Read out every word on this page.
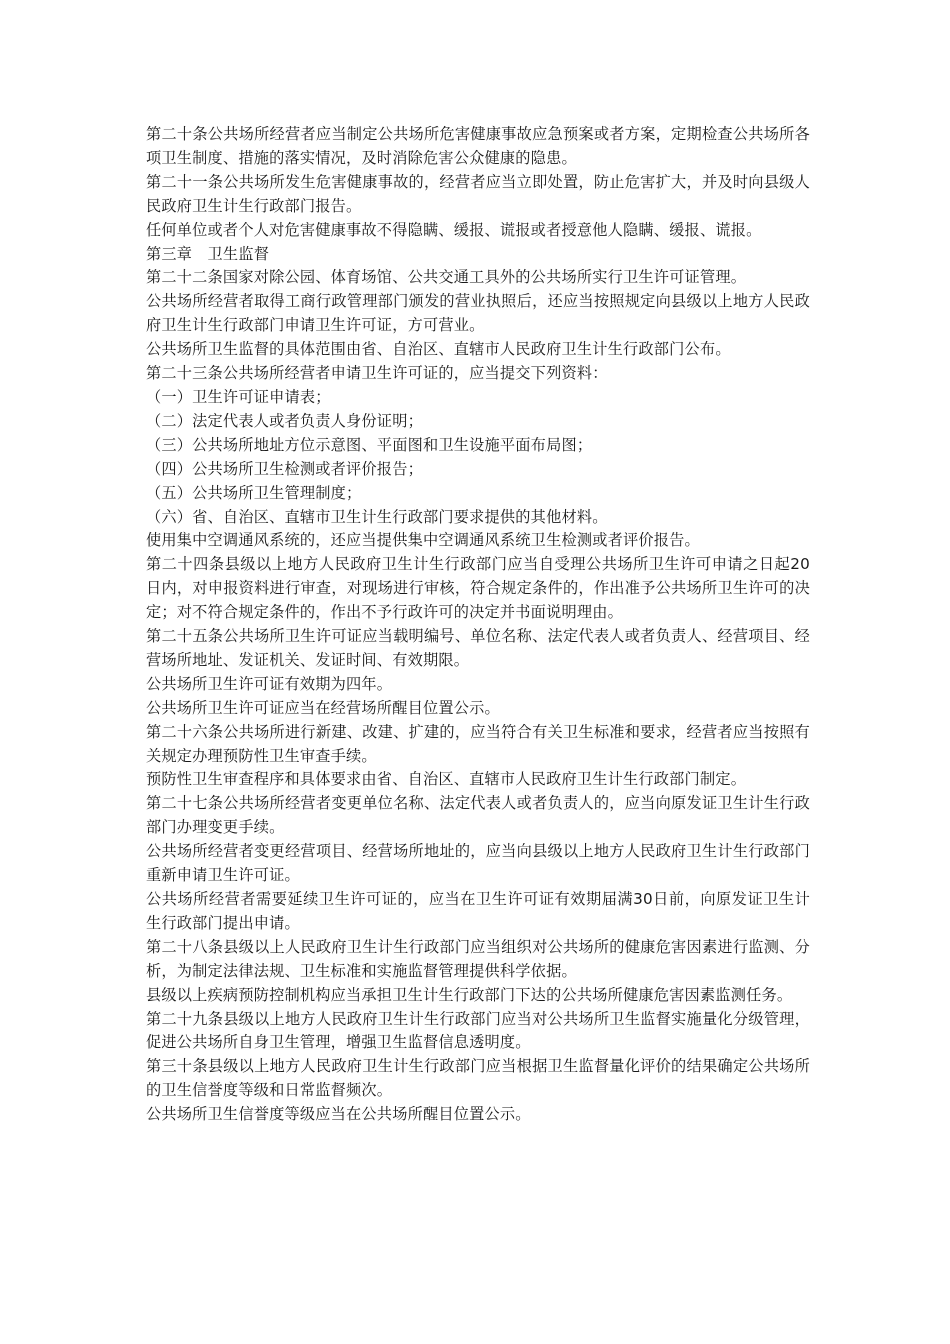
第二十条公共场所经营者应当制定公共场所危害健康事故应急预案或者方案，定期检查公共场所各项卫生制度、措施的落实情况，及时消除危害公众健康的隐患。

第二十一条公共场所发生危害健康事故的，经营者应当立即处置，防止危害扩大，并及时向县级人民政府卫生计生行政部门报告。

任何单位或者个人对危害健康事故不得隐瞒、缓报、谎报或者授意他人隐瞒、缓报、谎报。

第三章　卫生监督

第二十二条国家对除公园、体育场馆、公共交通工具外的公共场所实行卫生许可证管理。

公共场所经营者取得工商行政管理部门颁发的营业执照后，还应当按照规定向县级以上地方人民政府卫生计生行政部门申请卫生许可证，方可营业。

公共场所卫生监督的具体范围由省、自治区、直辖市人民政府卫生计生行政部门公布。

第二十三条公共场所经营者申请卫生许可证的，应当提交下列资料：

（一）卫生许可证申请表；

（二）法定代表人或者负责人身份证明；

（三）公共场所地址方位示意图、平面图和卫生设施平面布局图；

（四）公共场所卫生检测或者评价报告；

（五）公共场所卫生管理制度；

（六）省、自治区、直辖市卫生计生行政部门要求提供的其他材料。

使用集中空调通风系统的，还应当提供集中空调通风系统卫生检测或者评价报告。

第二十四条县级以上地方人民政府卫生计生行政部门应当自受理公共场所卫生许可申请之日起20日内，对申报资料进行审查，对现场进行审核，符合规定条件的，作出准予公共场所卫生许可的决定；对不符合规定条件的，作出不予行政许可的决定并书面说明理由。

第二十五条公共场所卫生许可证应当载明编号、单位名称、法定代表人或者负责人、经营项目、经营场所地址、发证机关、发证时间、有效期限。

公共场所卫生许可证有效期为四年。

公共场所卫生许可证应当在经营场所醒目位置公示。

第二十六条公共场所进行新建、改建、扩建的，应当符合有关卫生标准和要求，经营者应当按照有关规定办理预防性卫生审查手续。

预防性卫生审查程序和具体要求由省、自治区、直辖市人民政府卫生计生行政部门制定。

第二十七条公共场所经营者变更单位名称、法定代表人或者负责人的，应当向原发证卫生计生行政部门办理变更手续。

公共场所经营者变更经营项目、经营场所地址的，应当向县级以上地方人民政府卫生计生行政部门重新申请卫生许可证。

公共场所经营者需要延续卫生许可证的，应当在卫生许可证有效期届满30日前，向原发证卫生计生行政部门提出申请。

第二十八条县级以上人民政府卫生计生行政部门应当组织对公共场所的健康危害因素进行监测、分析，为制定法律法规、卫生标准和实施监督管理提供科学依据。

县级以上疾病预防控制机构应当承担卫生计生行政部门下达的公共场所健康危害因素监测任务。

第二十九条县级以上地方人民政府卫生计生行政部门应当对公共场所卫生监督实施量化分级管理，促进公共场所自身卫生管理，增强卫生监督信息透明度。

第三十条县级以上地方人民政府卫生计生行政部门应当根据卫生监督量化评价的结果确定公共场所的卫生信誉度等级和日常监督频次。

公共场所卫生信誉度等级应当在公共场所醒目位置公示。
